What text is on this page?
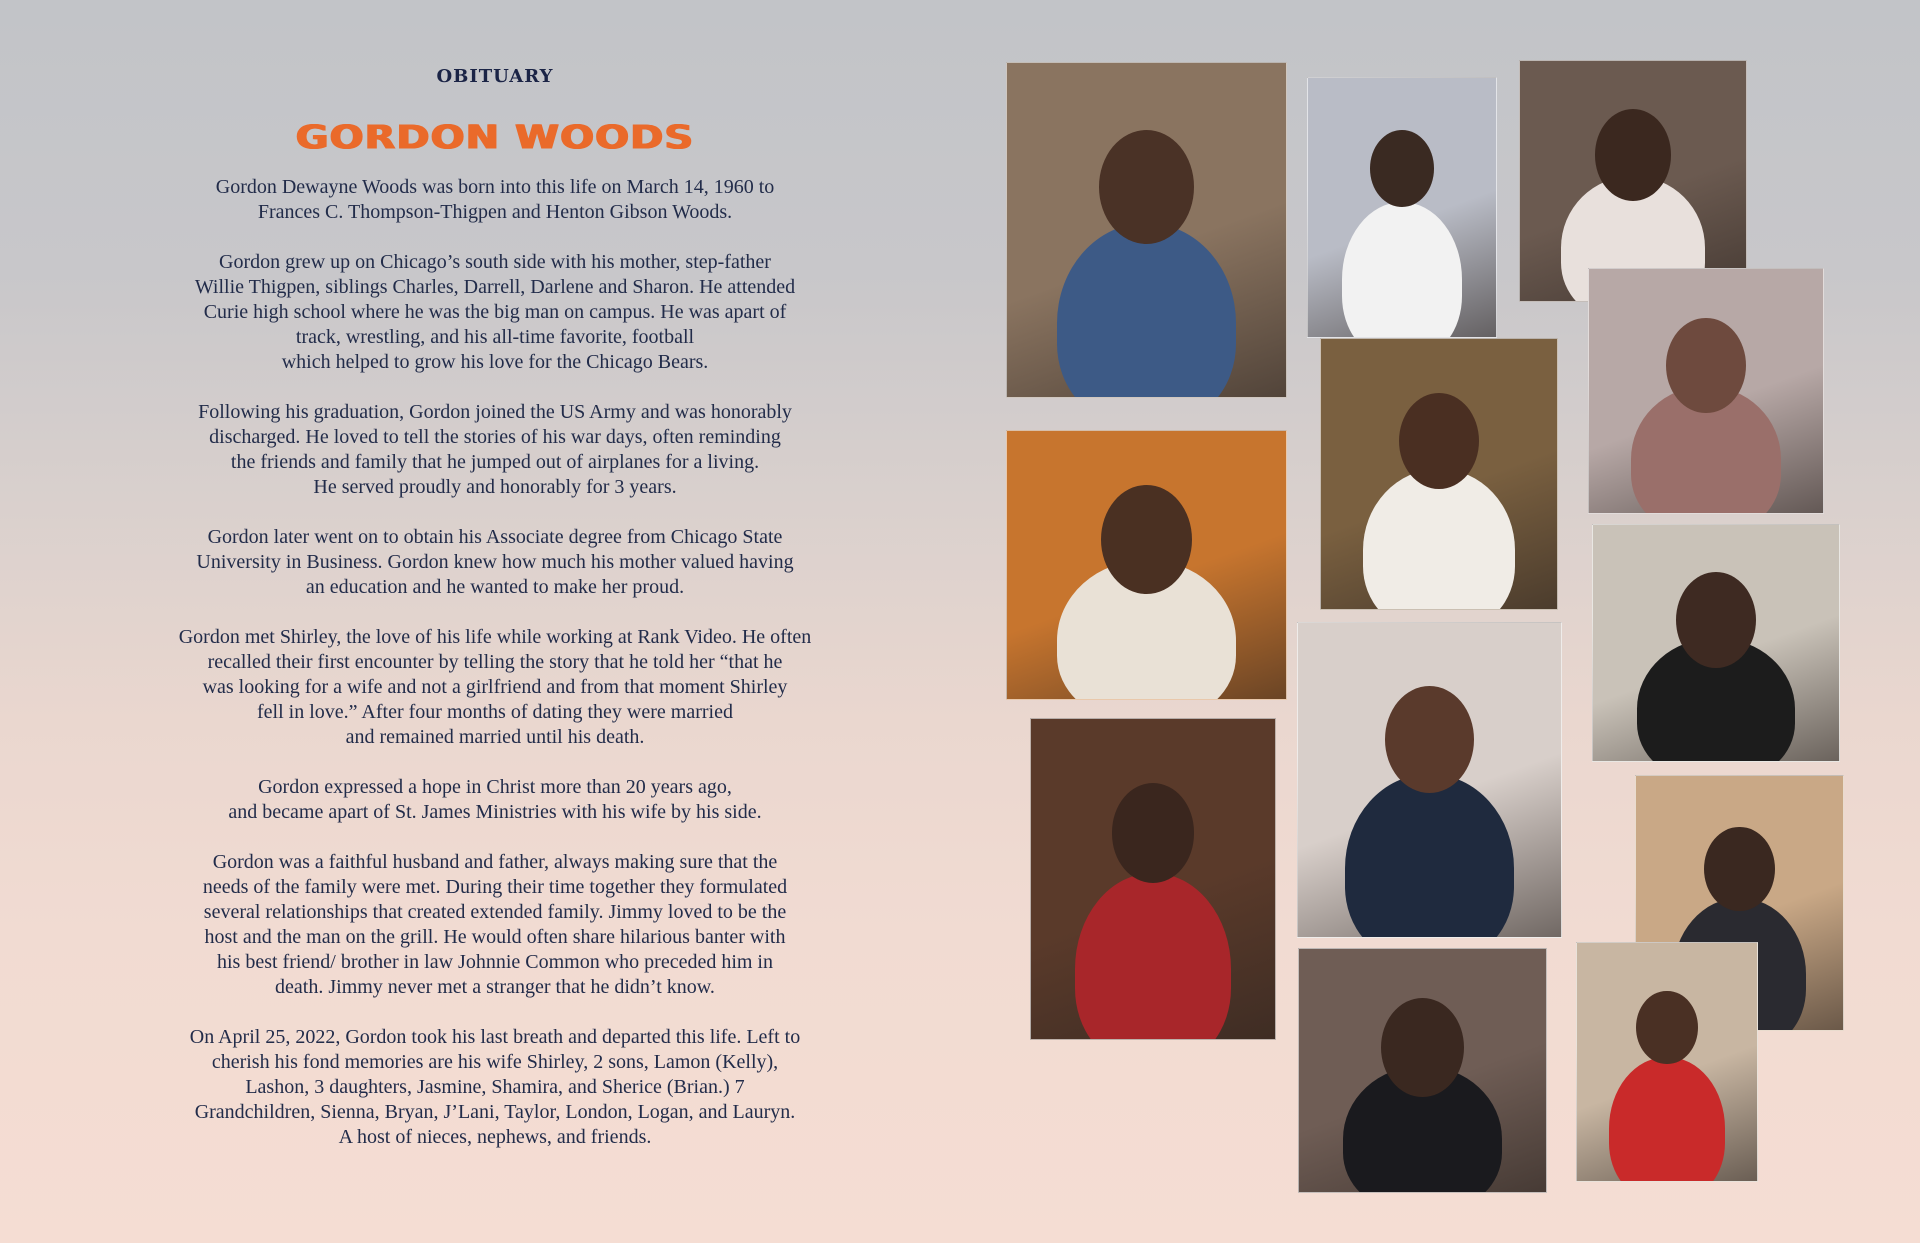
OBITUARY
GORDON WOODS
Gordon Dewayne Woods was born into this life on March 14, 1960 to
Frances C. Thompson-Thigpen and Henton Gibson Woods.
Gordon grew up on Chicago’s south side with his mother, step-father
Willie Thigpen, siblings Charles, Darrell, Darlene and Sharon. He attended
Curie high school where he was the big man on campus. He was apart of
track, wrestling, and his all-time favorite, football
which helped to grow his love for the Chicago Bears.
Following his graduation, Gordon joined the US Army and was honorably
discharged. He loved to tell the stories of his war days, often reminding
the friends and family that he jumped out of airplanes for a living.
He served proudly and honorably for 3 years.
Gordon later went on to obtain his Associate degree from Chicago State
University in Business. Gordon knew how much his mother valued having
an education and he wanted to make her proud.
Gordon met Shirley, the love of his life while working at Rank Video. He often
recalled their first encounter by telling the story that he told her “that he
was looking for a wife and not a girlfriend and from that moment Shirley
fell in love.” After four months of dating they were married
and remained married until his death.
Gordon expressed a hope in Christ more than 20 years ago,
and became apart of St. James Ministries with his wife by his side.
Gordon was a faithful husband and father, always making sure that the
needs of the family were met. During their time together they formulated
several relationships that created extended family. Jimmy loved to be the
host and the man on the grill. He would often share hilarious banter with
his best friend/ brother in law Johnnie Common who preceded him in
death. Jimmy never met a stranger that he didn’t know.
On April 25, 2022, Gordon took his last breath and departed this life. Left to
cherish his fond memories are his wife Shirley, 2 sons, Lamon (Kelly),
Lashon, 3 daughters, Jasmine, Shamira, and Sherice (Brian.) 7
Grandchildren, Sienna, Bryan, J’Lani, Taylor, London, Logan, and Lauryn.
A host of nieces, nephews, and friends.
